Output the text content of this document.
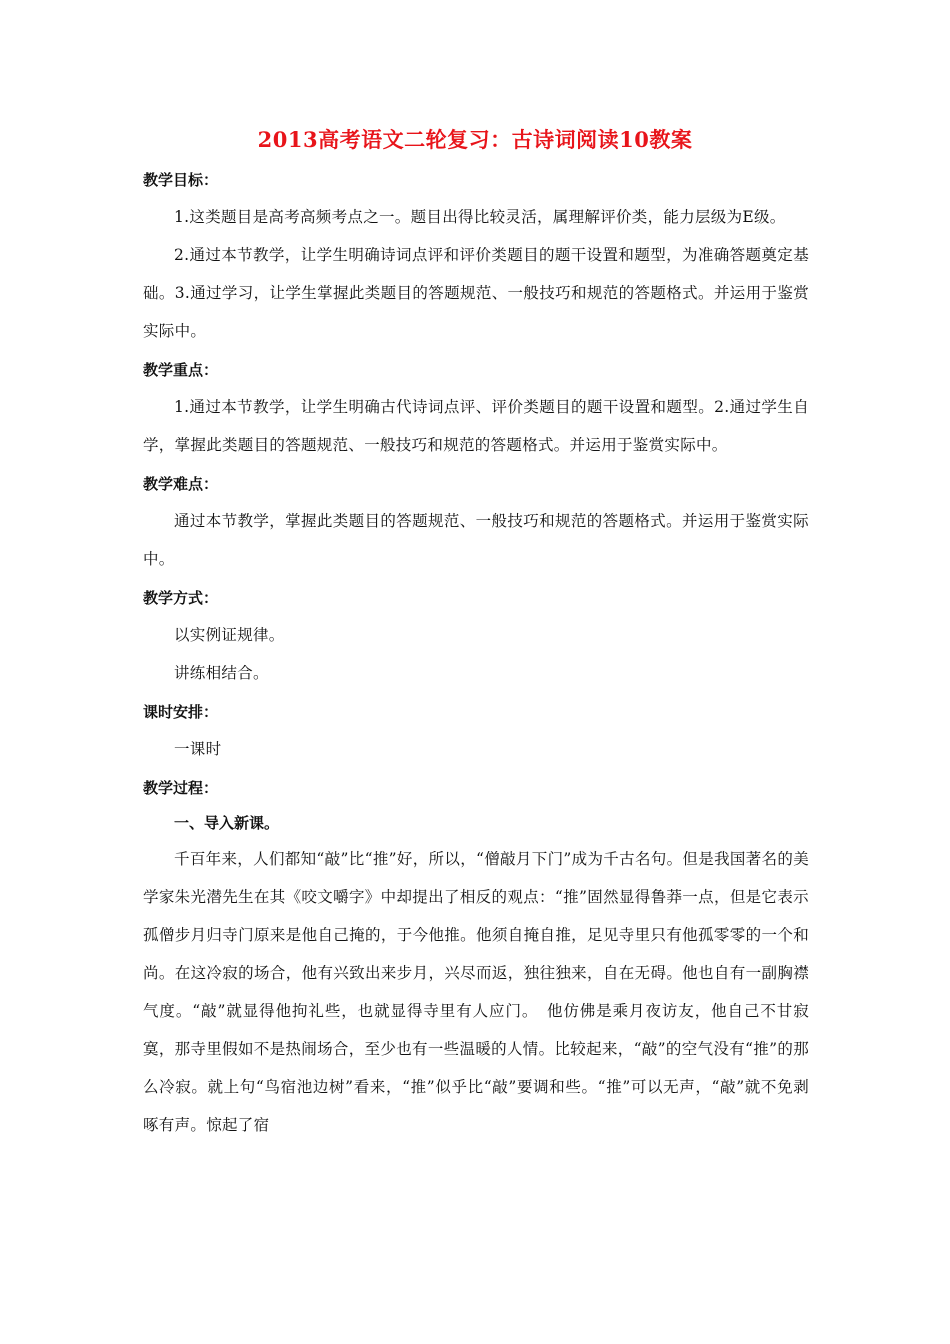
2013高考语文二轮复习：古诗词阅读10教案
教学目标：

1.这类题目是高考高频考点之一。题目出得比较灵活，属理解评价类，能力层级为E级。

2.通过本节教学，让学生明确诗词点评和评价类题目的题干设置和题型，为准确答题奠定基础。3.通过学习，让学生掌握此类题目的答题规范、一般技巧和规范的答题格式。并运用于鉴赏实际中。

教学重点：

1.通过本节教学，让学生明确古代诗词点评、评价类题目的题干设置和题型。2.通过学生自学，掌握此类题目的答题规范、一般技巧和规范的答题格式。并运用于鉴赏实际中。

教学难点：

通过本节教学，掌握此类题目的答题规范、一般技巧和规范的答题格式。并运用于鉴赏实际中。

教学方式：

以实例证规律。

讲练相结合。

课时安排：

一课时

教学过程：

一、导入新课。

千百年来，人们都知“敲”比“推”好，所以，“僧敲月下门”成为千古名句。但是我国著名的美学家朱光潜先生在其《咬文嚼字》中却提出了相反的观点：“推”固然显得鲁莽一点，但是它表示孤僧步月归寺门原来是他自己掩的，于今他推。他须自掩自推，足见寺里只有他孤零零的一个和尚。在这冷寂的场合，他有兴致出来步月，兴尽而返，独往独来，自在无碍。他也自有一副胸襟气度。“敲”就显得他拘礼些，也就显得寺里有人应门。　他仿佛是乘月夜访友，他自己不甘寂寞，那寺里假如不是热闹场合，至少也有一些温暖的人情。比较起来，“敲”的空气没有“推”的那么冷寂。就上句“鸟宿池边树”看来，“推”似乎比“敲”要调和些。“推”可以无声，“敲”就不免剥啄有声。惊起了宿
